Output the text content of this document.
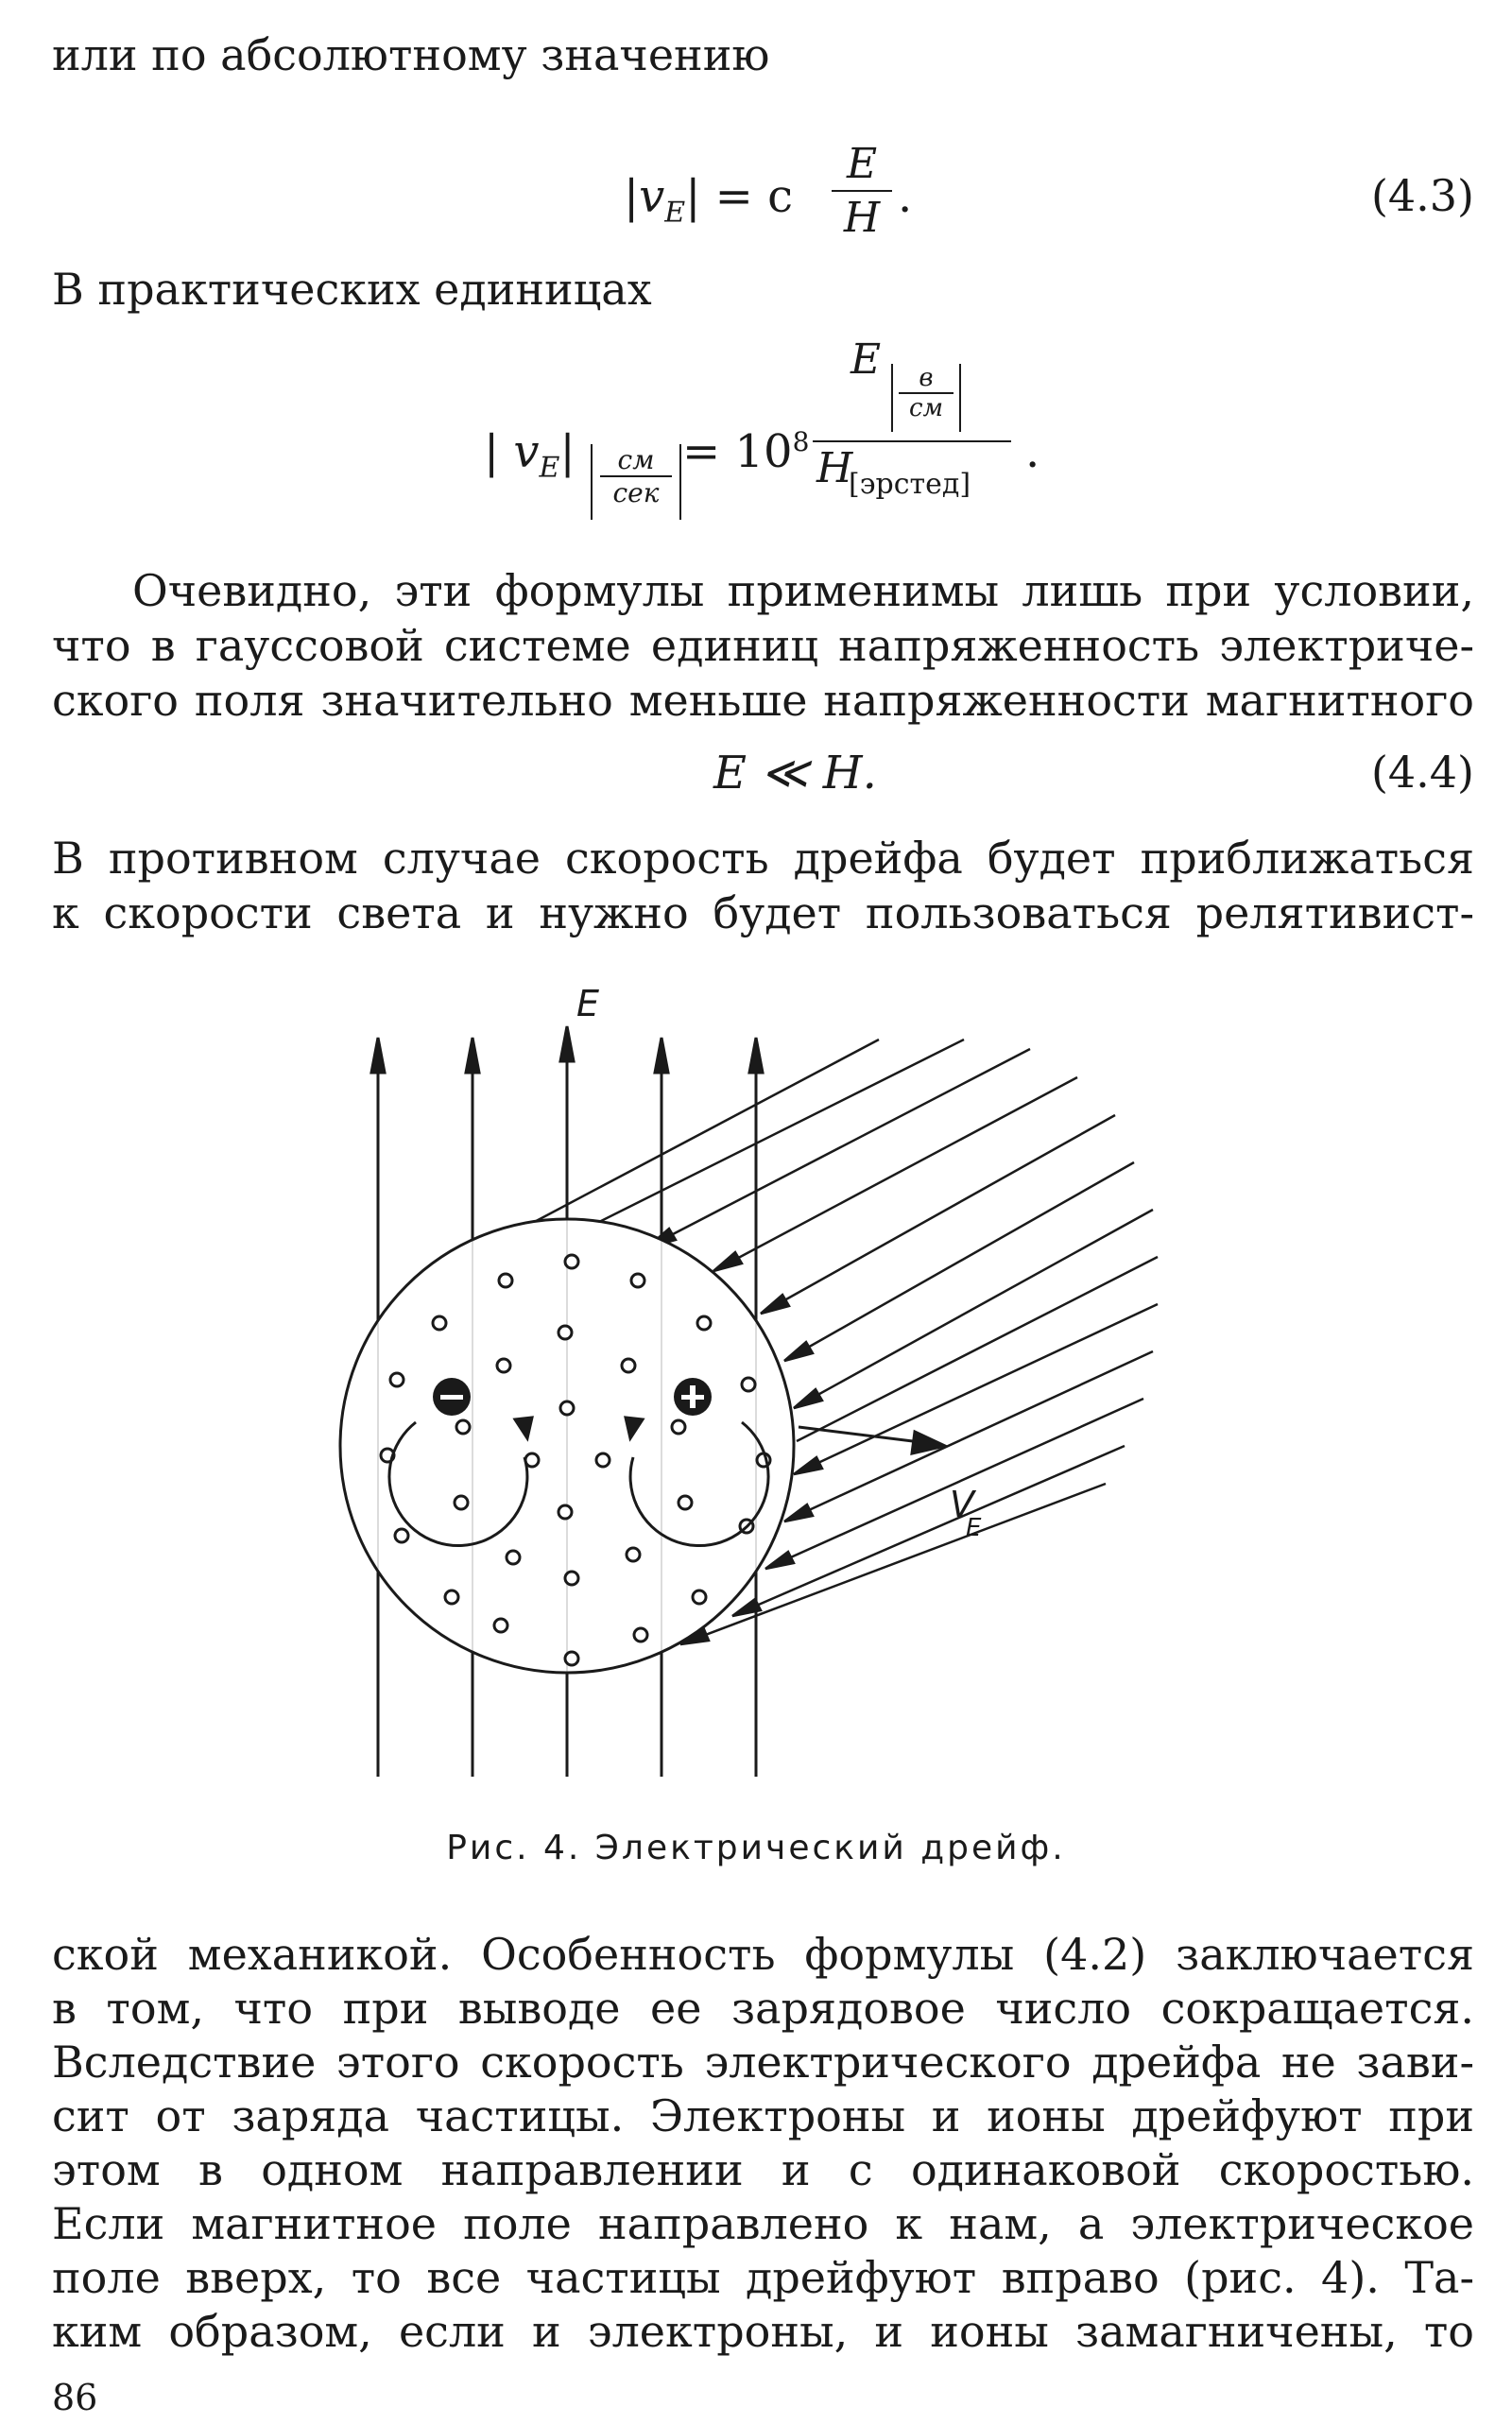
или по абсолютному значению
$|v_E| = c$
E
H .	(4.3)
В практических единицах
| $v_E|$	см
сек
= $10^8$
E	в
см
H
[эрстед]
.
Очевидно, эти формулы применимы лишь при условии,
что в гауссовой системе единиц напряженность электриче-
ского поля значительно меньше напряженности магнитного
E ≪ H.	(4.4)
В противном случае скорость дрейфа будет приближаться
к скорости света и нужно будет пользоваться релятивист-
E
V
E
Рис. 4. Электрический дрейф.
ской механикой. Особенность формулы (4.2) заключается
в том, что при выводе ее зарядовое число сокращается.
Вследствие этого скорость электрического дрейфа не зави-
сит от заряда частицы. Электроны и ионы дрейфуют при
этом в одном направлении и с одинаковой скоростью.
Если магнитное поле направлено к нам, а электрическое
поле вверх, то все частицы дрейфуют вправо (рис. 4). Та-
ким образом, если и электроны, и ионы замагничены, то
86
